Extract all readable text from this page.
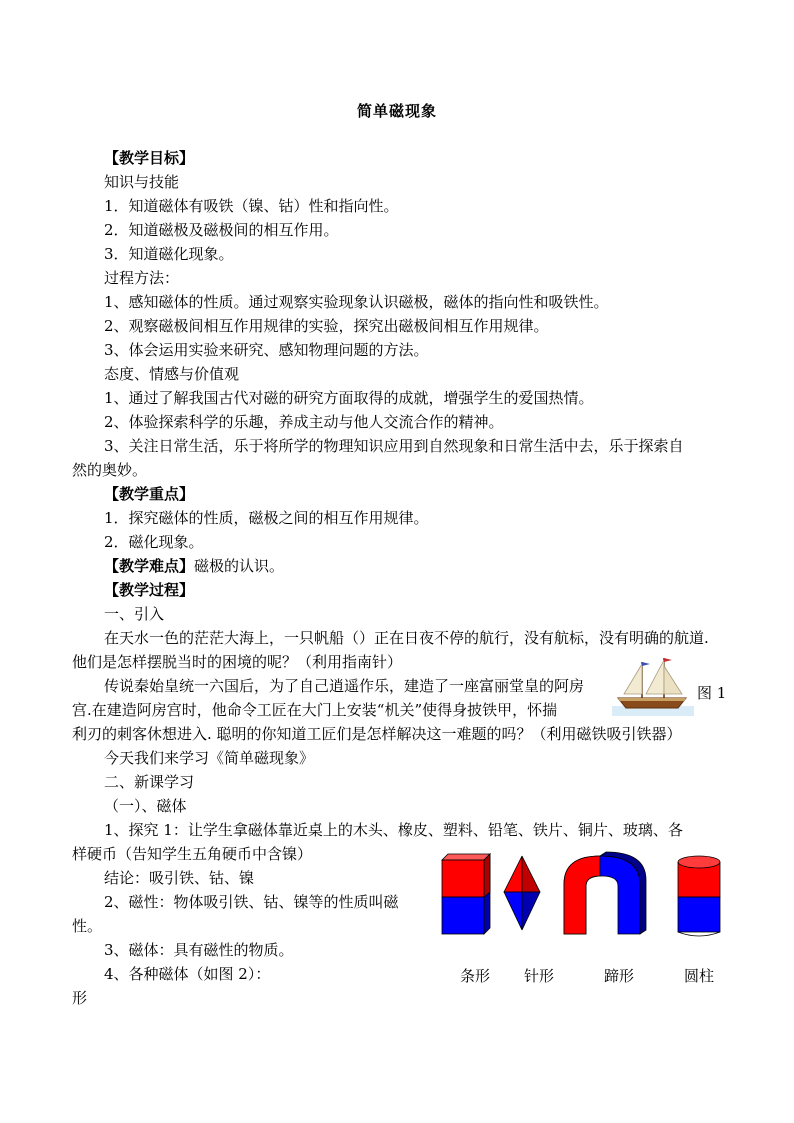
简单磁现象
【教学目标】
知识与技能
1．知道磁体有吸铁（镍、钴）性和指向性。
2．知道磁极及磁极间的相互作用。
3．知道磁化现象。
过程方法：
1、感知磁体的性质。通过观察实验现象认识磁极，磁体的指向性和吸铁性。
2、观察磁极间相互作用规律的实验，探究出磁极间相互作用规律。
3、体会运用实验来研究、感知物理问题的方法。
态度、情感与价值观
1、通过了解我国古代对磁的研究方面取得的成就，增强学生的爱国热情。
2、体验探索科学的乐趣，养成主动与他人交流合作的精神。
3、关注日常生活，乐于将所学的物理知识应用到自然现象和日常生活中去，乐于探索自
然的奥妙。
【教学重点】
1．探究磁体的性质，磁极之间的相互作用规律。
2．磁化现象。
【教学难点】磁极的认识。
【教学过程】
一、引入
在天水一色的茫茫大海上，一只帆船（）正在日夜不停的航行，没有航标，没有明确的航道.
他们是怎样摆脱当时的困境的呢？（利用指南针）
传说秦始皇统一六国后，为了自己逍遥作乐，建造了一座富丽堂皇的阿房
宫.在建造阿房宫时，他命令工匠在大门上安装“机关”使得身披铁甲，怀揣
利刃的刺客休想进入. 聪明的你知道工匠们是怎样解决这一难题的吗？（利用磁铁吸引铁器）
今天我们来学习《简单磁现象》
图 1
二、新课学习
（一）、磁体
1、探究 1：让学生拿磁体靠近桌上的木头、橡皮、塑料、铅笔、铁片、铜片、玻璃、各
样硬币（告知学生五角硬币中含镍）
结论：吸引铁、钴、镍
2、磁性：物体吸引铁、钴、镍等的性质叫磁
性。
3、磁体：具有磁性的物质。
4、各种磁体（如图 2）：
形
条形 针形	蹄形	圆柱
